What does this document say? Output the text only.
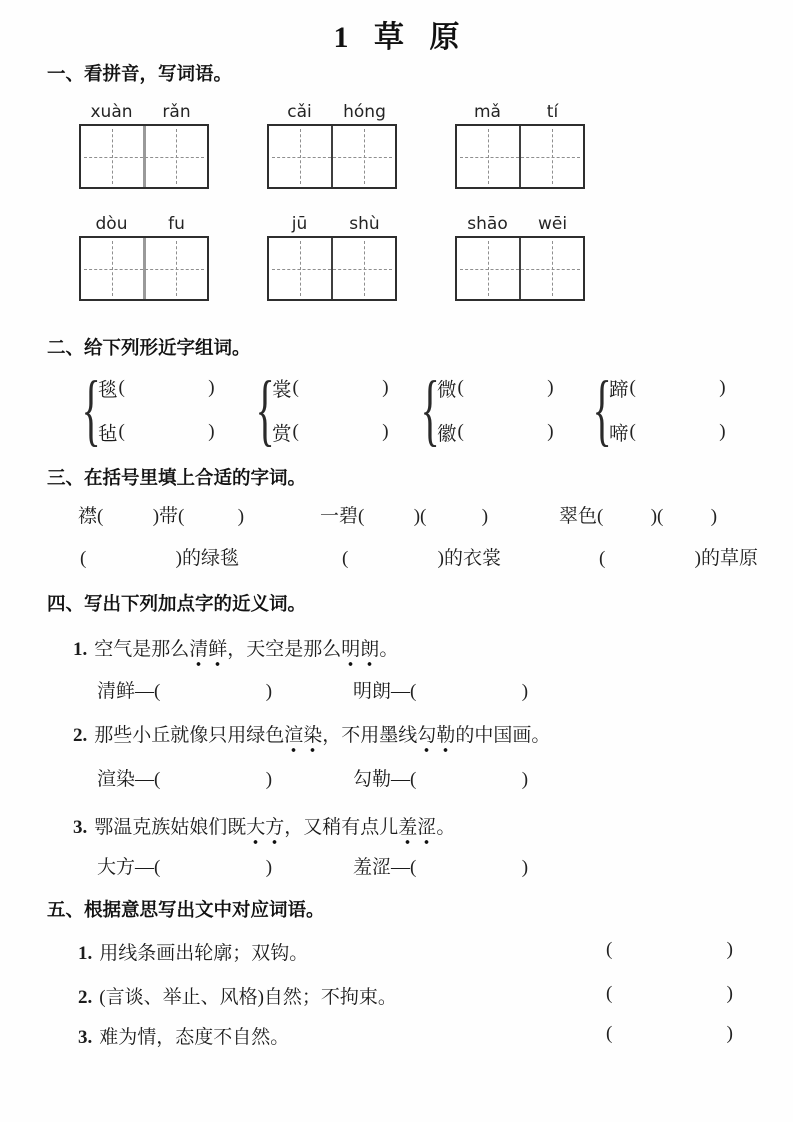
1 草 原
一、看拼音，写词语。
xuàn	rǎn	cǎi	hóng	mǎ	tí
dòu	fu	jū	shù	shāo	wēi
二、给下列形近字组词。
{
毯 (	)
毡 (	) {
裳 (	)
赏 (	) {
微 (	)
徽 (	) {
蹄 (	)
啼 (	)
三、在括号里填上合适的字词。
襟 (	) 带 (	)	一碧 (	) (	)	翠色 ( ) ( )
(	) 的绿毯	(	) 的衣裳	(	) 的草原
四、写出下列加点字的近义词。
1. 空气是那么清鲜，天空是那么明朗。
清鲜— (	)	明朗— (	)
2. 那些小丘就像只用绿色渲染，不用墨线勾勒的中国画。
渲染— (	)	勾勒— (	)
3. 鄂温克族姑娘们既大方，又稍有点儿羞涩。
大方— (	)	羞涩— (	)
五、根据意思写出文中对应词语。
1. 用线条画出轮廓；双钩。	(	)
2. (言谈、举止、风格)自然；不拘束。	(	)
3. 难为情，态度不自然。	(	)
